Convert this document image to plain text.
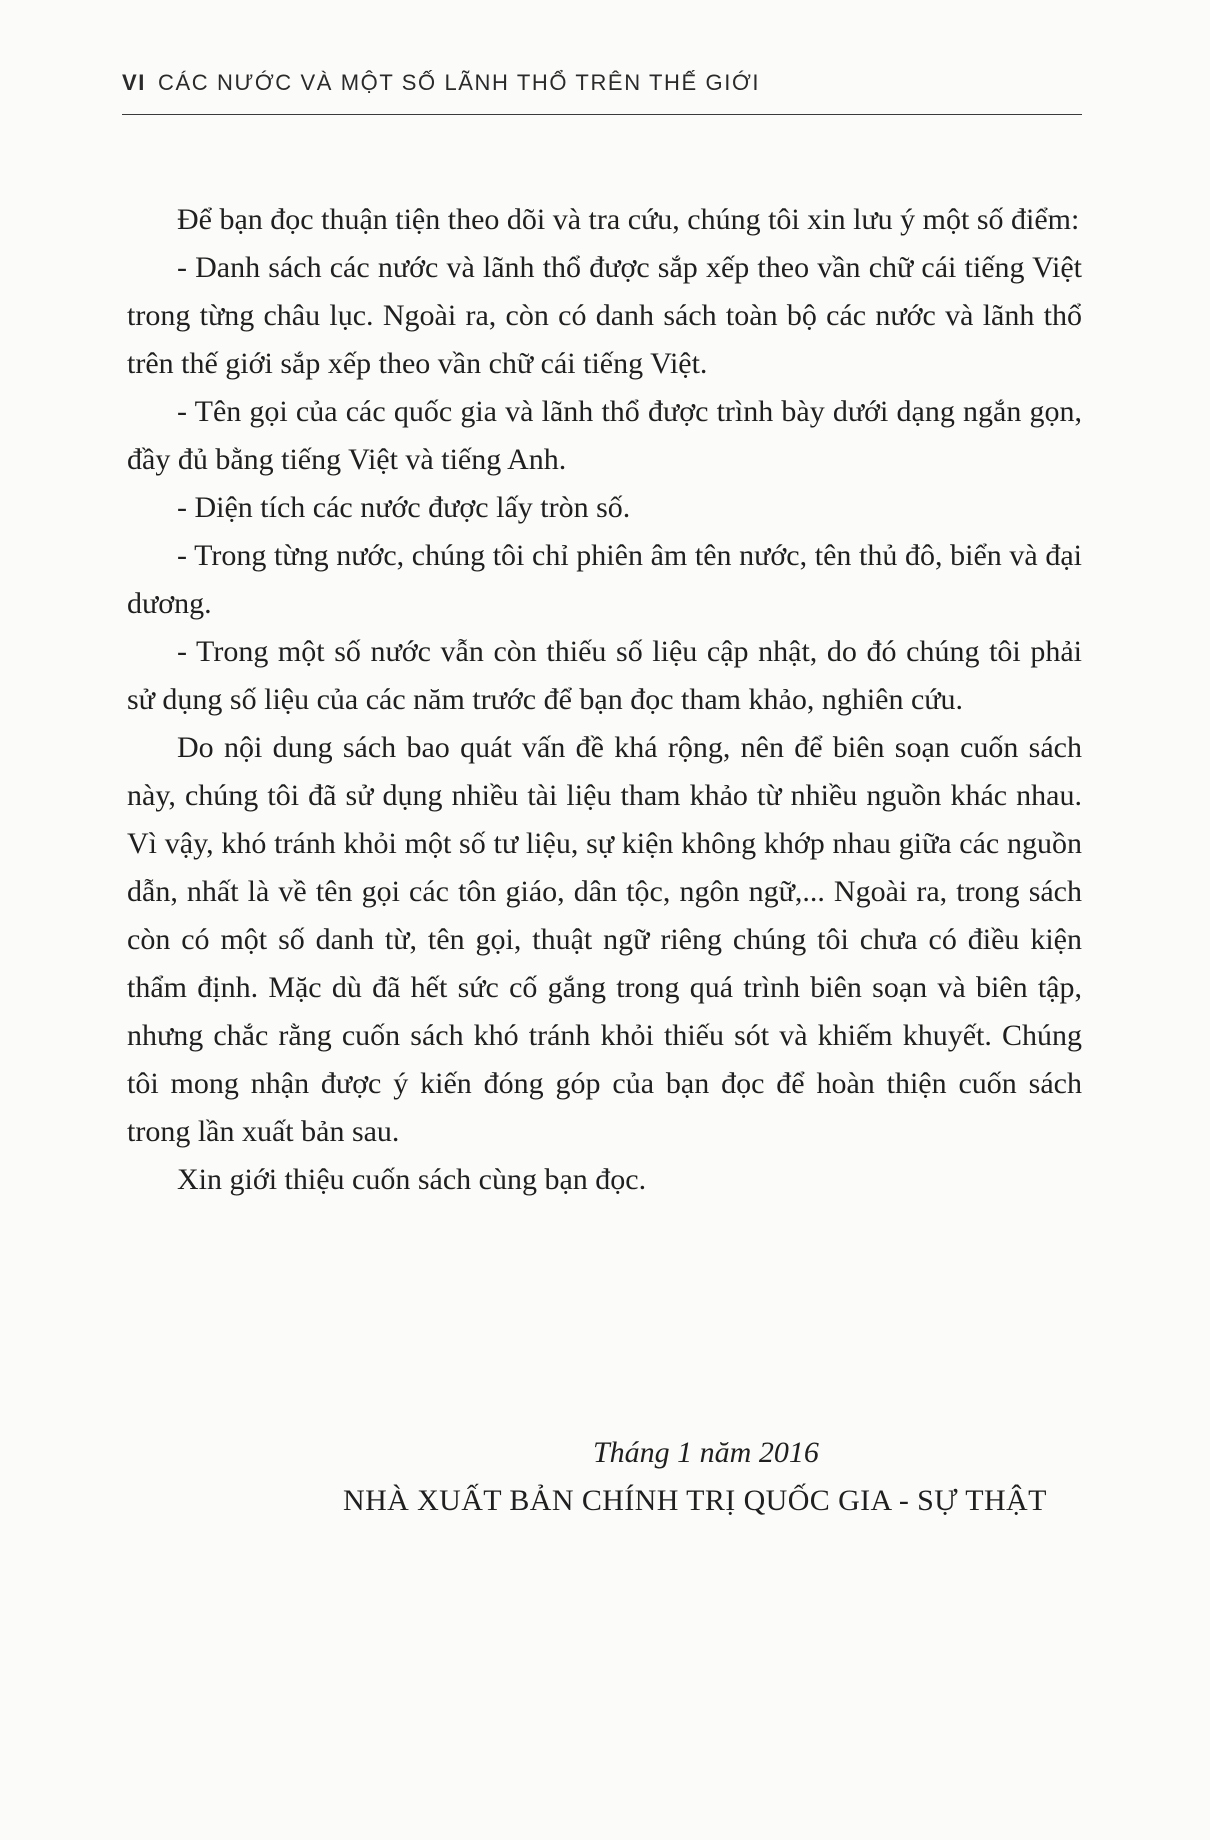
VI CÁC NƯỚC VÀ MỘT SỐ LÃNH THỔ TRÊN THẾ GIỚI

Để bạn đọc thuận tiện theo dõi và tra cứu, chúng tôi xin lưu ý một số điểm:

- Danh sách các nước và lãnh thổ được sắp xếp theo vần chữ cái tiếng Việt trong từng châu lục. Ngoài ra, còn có danh sách toàn bộ các nước và lãnh thổ trên thế giới sắp xếp theo vần chữ cái tiếng Việt.

- Tên gọi của các quốc gia và lãnh thổ được trình bày dưới dạng ngắn gọn, đầy đủ bằng tiếng Việt và tiếng Anh.

- Diện tích các nước được lấy tròn số.

- Trong từng nước, chúng tôi chỉ phiên âm tên nước, tên thủ đô, biển và đại dương.

- Trong một số nước vẫn còn thiếu số liệu cập nhật, do đó chúng tôi phải sử dụng số liệu của các năm trước để bạn đọc tham khảo, nghiên cứu.

Do nội dung sách bao quát vấn đề khá rộng, nên để biên soạn cuốn sách này, chúng tôi đã sử dụng nhiều tài liệu tham khảo từ nhiều nguồn khác nhau. Vì vậy, khó tránh khỏi một số tư liệu, sự kiện không khớp nhau giữa các nguồn dẫn, nhất là về tên gọi các tôn giáo, dân tộc, ngôn ngữ,... Ngoài ra, trong sách còn có một số danh từ, tên gọi, thuật ngữ riêng chúng tôi chưa có điều kiện thẩm định. Mặc dù đã hết sức cố gắng trong quá trình biên soạn và biên tập, nhưng chắc rằng cuốn sách khó tránh khỏi thiếu sót và khiếm khuyết. Chúng tôi mong nhận được ý kiến đóng góp của bạn đọc để hoàn thiện cuốn sách trong lần xuất bản sau.

Xin giới thiệu cuốn sách cùng bạn đọc.

Tháng 1 năm 2016
NHÀ XUẤT BẢN CHÍNH TRỊ QUỐC GIA - SỰ THẬT
